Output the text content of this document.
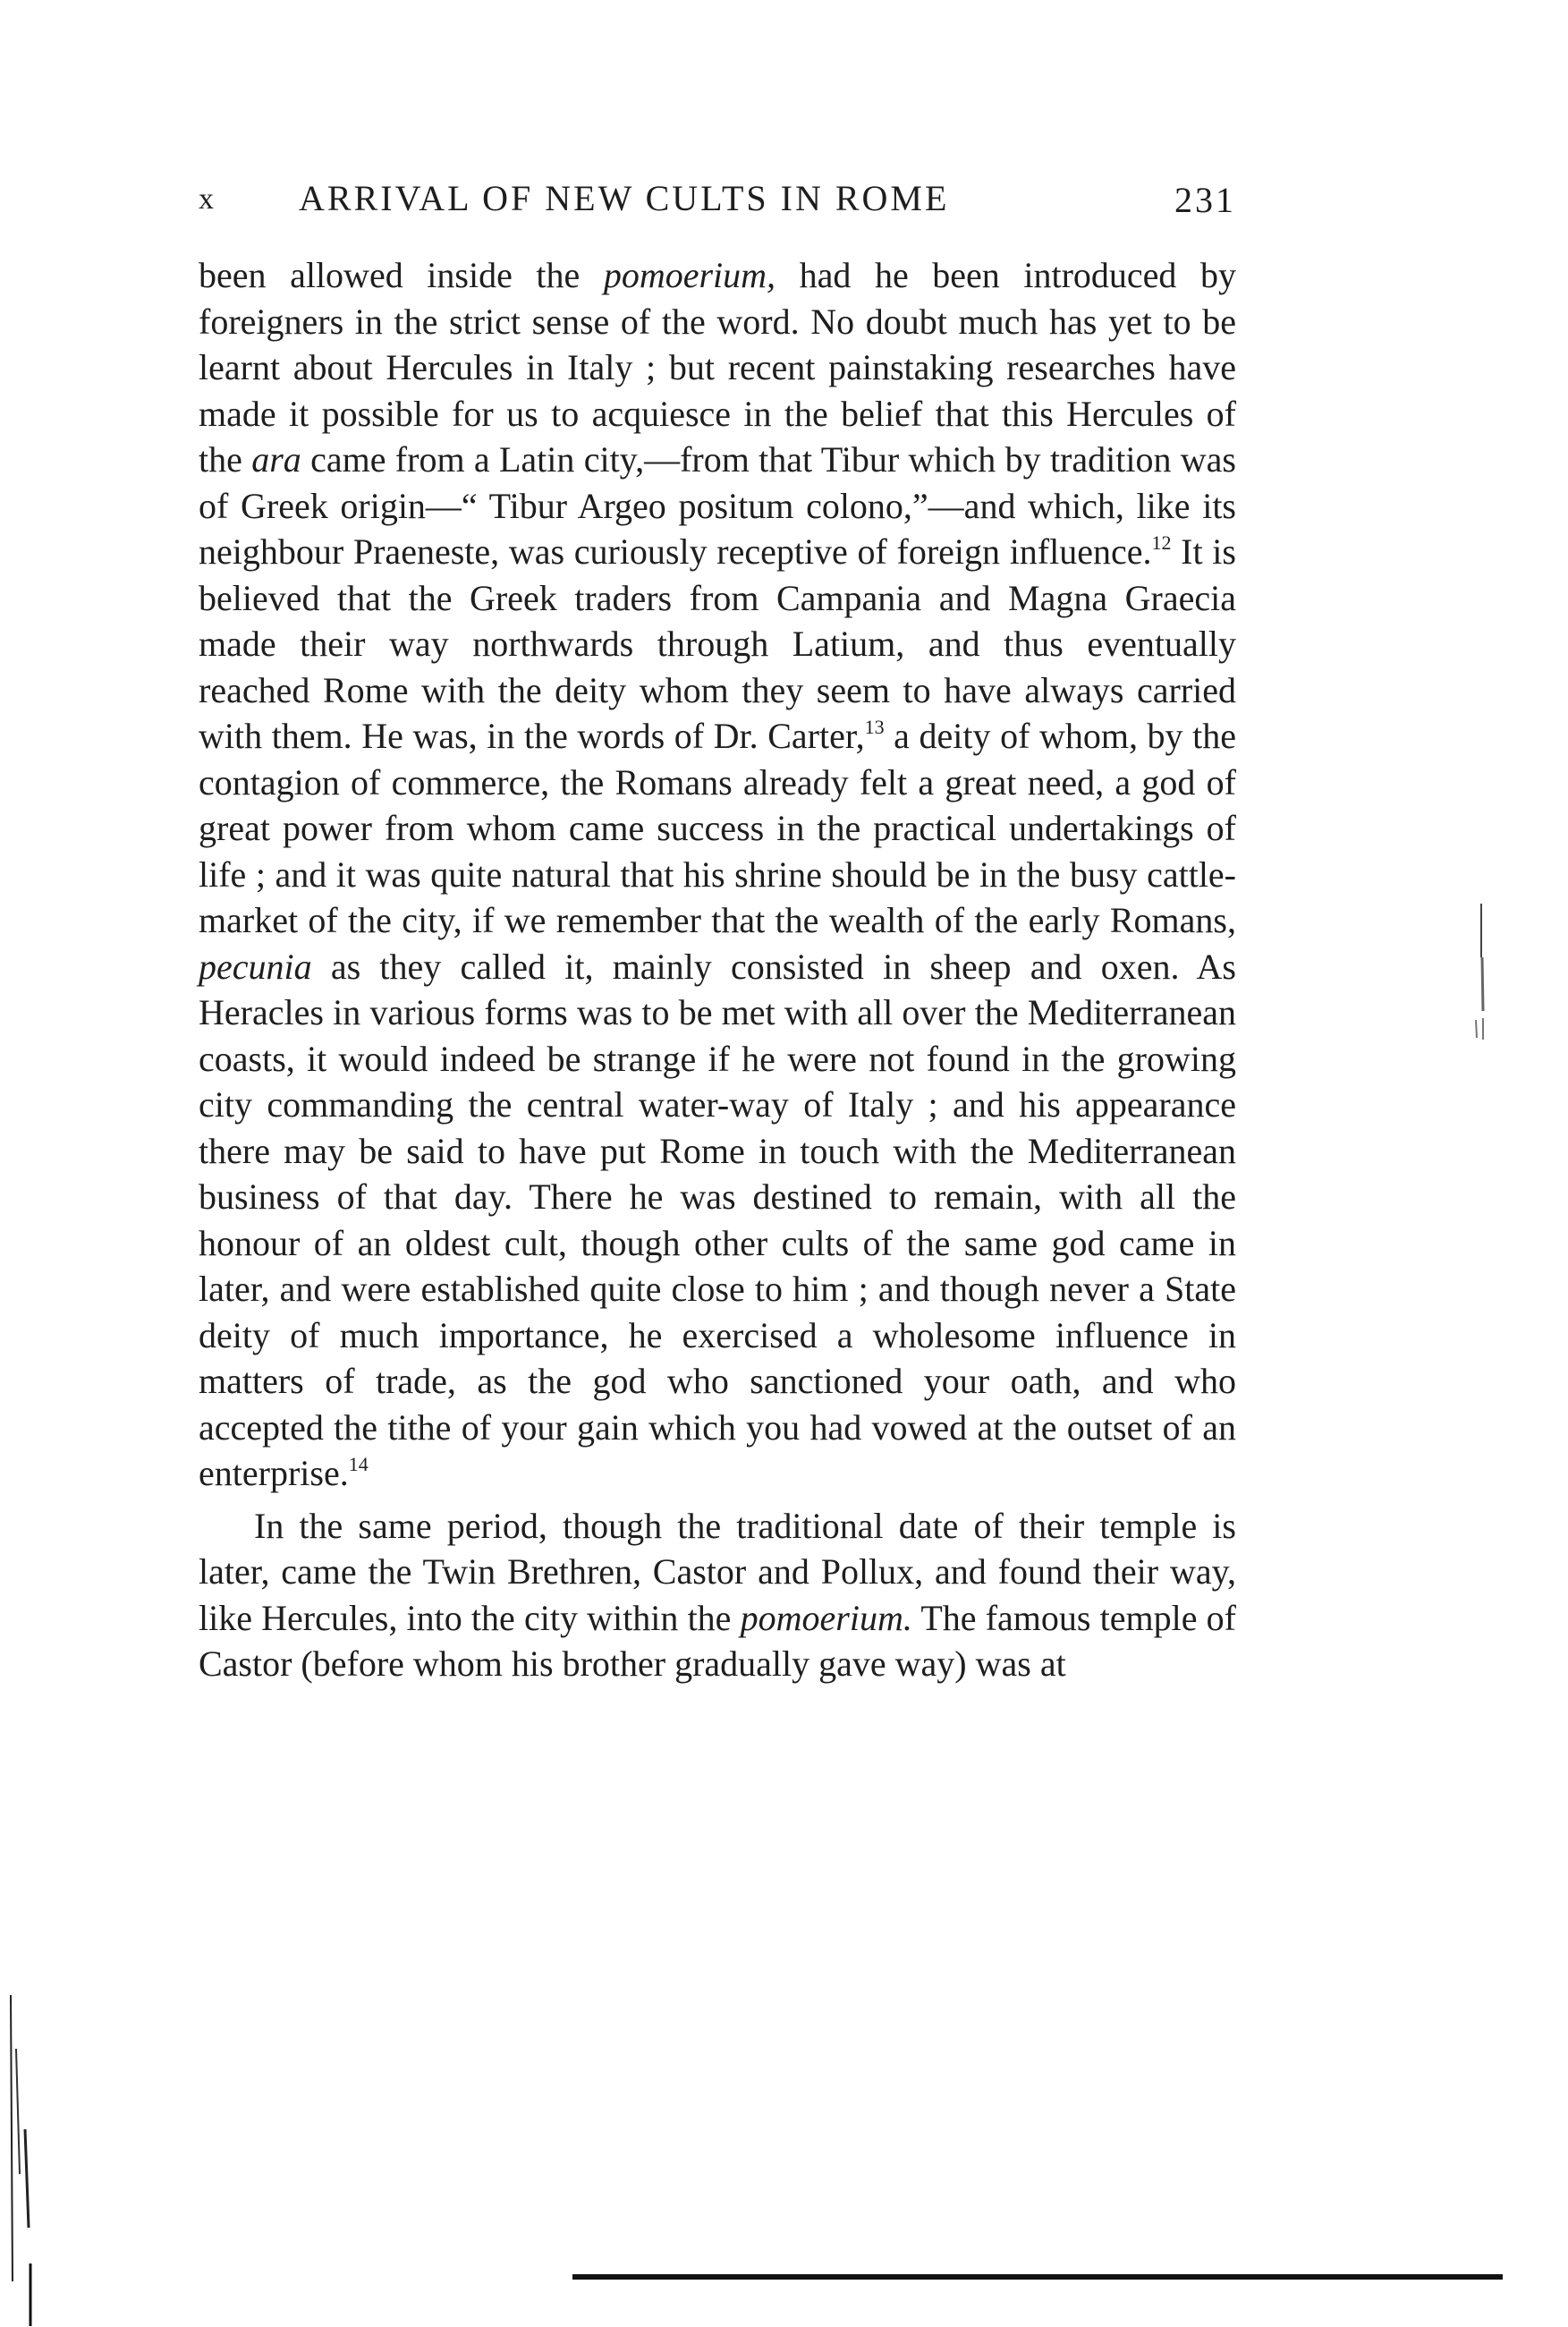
x ARRIVAL OF NEW CULTS IN ROME	231

been allowed inside the pomoerium, had he been introduced by foreigners in the strict sense of the word. No doubt much has yet to be learnt about Hercules in Italy ; but recent painstaking researches have made it possible for us to acquiesce in the belief that this Hercules of the ara came from a Latin city,—from that Tibur which by tradition was of Greek origin—“ Tibur Argeo positum colono,”—and which, like its neighbour Praeneste, was curiously receptive of foreign influence.$^{12}$ It is believed that the Greek traders from Campania and Magna Graecia made their way northwards through Latium, and thus eventually reached Rome with the deity whom they seem to have always carried with them. He was, in the words of Dr. Carter,$^{13}$ a deity of whom, by the contagion of commerce, the Romans already felt a great need, a god of great power from whom came success in the practical undertakings of life ; and it was quite natural that his shrine should be in the busy cattle-market of the city, if we remember that the wealth of the early Romans, pecunia as they called it, mainly consisted in sheep and oxen. As Heracles in various forms was to be met with all over the Mediterranean coasts, it would indeed be strange if he were not found in the growing city commanding the central water-way of Italy ; and his appearance there may be said to have put Rome in touch with the Mediterranean business of that day. There he was destined to remain, with all the honour of an oldest cult, though other cults of the same god came in later, and were established quite close to him ; and though never a State deity of much importance, he exercised a wholesome influence in matters of trade, as the god who sanctioned your oath, and who accepted the tithe of your gain which you had vowed at the outset of an enterprise.$^{14}$

In the same period, though the traditional date of their temple is later, came the Twin Brethren, Castor and Pollux, and found their way, like Hercules, into the city within the pomoerium. The famous temple of Castor (before whom his brother gradually gave way) was at
